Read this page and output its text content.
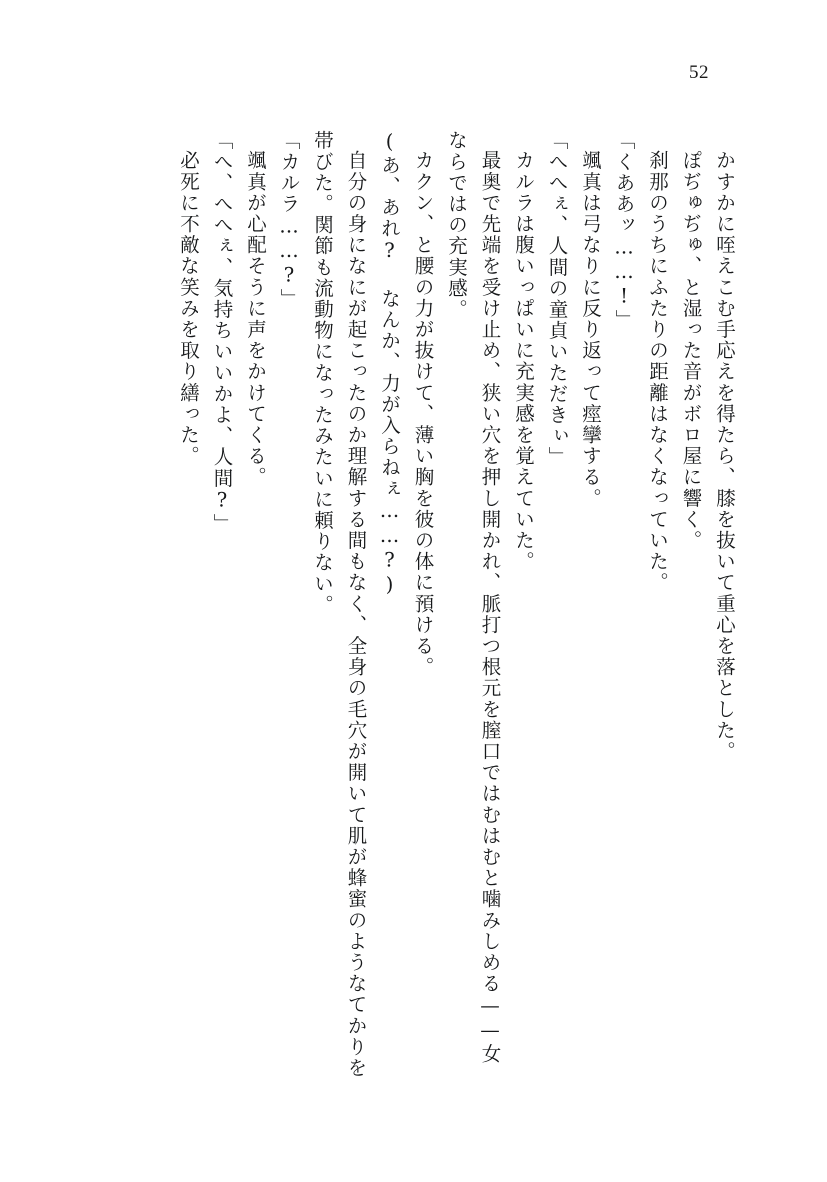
52

かすかに咥えこむ手応えを得たら、膝を抜いて重心を落とした。

ぽぢゅぢゅ、と湿った音がボロ屋に響く。

刹那のうちにふたりの距離はなくなっていた。

「くああッ……!」

颯真は弓なりに反り返って痙攣する。

「へへぇ、人間の童貞いただきぃ」

カルラは腹いっぱいに充実感を覚えていた。

最奥で先端を受け止め、狭い穴を押し開かれ、脈打つ根元を膣口ではむはむと噛みしめる——女ならではの充実感。

カクン、と腰の力が抜けて、薄い胸を彼の体に預ける。

(あ、あれ? なんか、力が入らねぇ……?)

自分の身になにが起こったのか理解する間もなく、全身の毛穴が開いて肌が蜂蜜のようなてかりを帯びた。関節も流動物になったみたいに頼りない。

「カルラ……?」

颯真が心配そうに声をかけてくる。

「へ、へへぇ、気持ちいいかよ、人間?」

必死に不敵な笑みを取り繕った。
